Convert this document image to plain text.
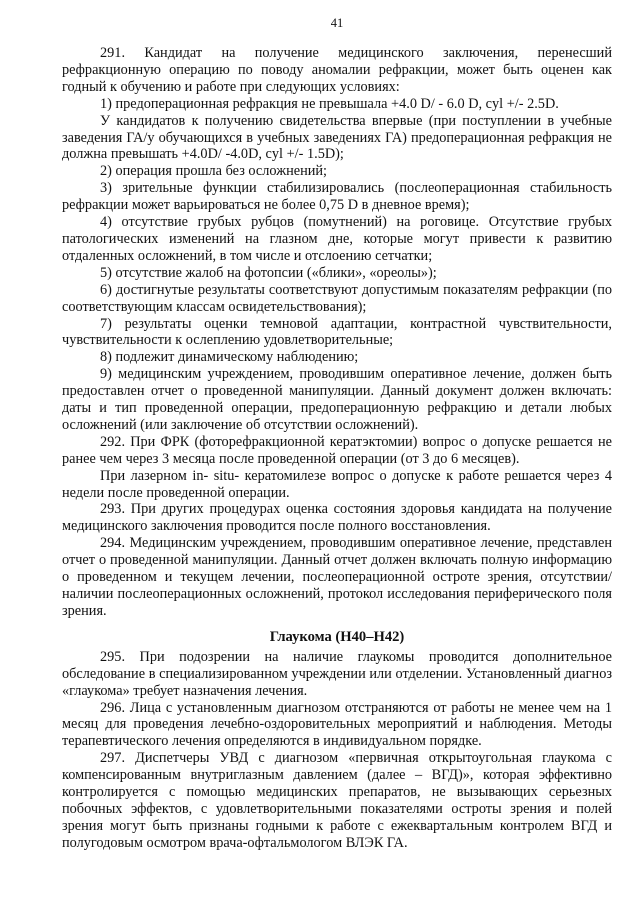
41

291. Кандидат на получение медицинского заключения, перенесший рефракционную операцию по поводу аномалии рефракции, может быть оценен как годный к обучению и работе при следующих условиях:

1) предоперационная рефракция не превышала +4.0 D/ - 6.0 D, cyl +/- 2.5D.

У кандидатов к получению свидетельства впервые (при поступлении в учебные заведения ГА/у обучающихся в учебных заведениях ГА) предоперационная рефракция не должна превышать +4.0D/ -4.0D, cyl +/- 1.5D);

2) операция прошла без осложнений;

3) зрительные функции стабилизировались (послеоперационная стабильность рефракции может варьироваться не более 0,75 D в дневное время);

4) отсутствие грубых рубцов (помутнений) на роговице. Отсутствие грубых патологических изменений на глазном дне, которые могут привести к развитию отдаленных осложнений, в том числе и отслоению сетчатки;

5) отсутствие жалоб на фотопсии («блики», «ореолы»);

6) достигнутые результаты соответствуют допустимым показателям рефракции (по соответствующим классам освидетельствования);

7) результаты оценки темновой адаптации, контрастной чувствительности, чувствительности к ослеплению удовлетворительные;

8) подлежит динамическому наблюдению;

9) медицинским учреждением, проводившим оперативное лечение, должен быть предоставлен отчет о проведенной манипуляции. Данный документ должен включать: даты и тип проведенной операции, предоперационную рефракцию и детали любых осложнений (или заключение об отсутствии осложнений).

292. При ФРК (фоторефракционной кератэктомии) вопрос о допуске решается не ранее чем через 3 месяца после проведенной операции (от 3 до 6 месяцев).

При лазерном in- situ- кератомилезе вопрос о допуске к работе решается через 4 недели после проведенной операции.

293. При других процедурах оценка состояния здоровья кандидата на получение медицинского заключения проводится после полного восстановления.

294. Медицинским учреждением, проводившим оперативное лечение, представлен отчет о проведенной манипуляции. Данный отчет должен включать полную информацию о проведенном и текущем лечении, послеоперационной остроте зрения, отсутствии/наличии послеоперационных осложнений, протокол исследования периферического поля зрения.

Глаукома (Н40–Н42)

295. При подозрении на наличие глаукомы проводится дополнительное обследование в специализированном учреждении или отделении. Установленный диагноз «глаукома» требует назначения лечения.

296. Лица с установленным диагнозом отстраняются от работы не менее чем на 1 месяц для проведения лечебно-оздоровительных мероприятий и наблюдения. Методы терапевтического лечения определяются в индивидуальном порядке.

297. Диспетчеры УВД с диагнозом «первичная открытоугольная глаукома с компенсированным внутриглазным давлением (далее – ВГД)», которая эффективно контролируется с помощью медицинских препаратов, не вызывающих серьезных побочных эффектов, с удовлетворительными показателями остроты зрения и полей зрения могут быть признаны годными к работе с ежеквартальным контролем ВГД и полугодовым осмотром врача-офтальмологом ВЛЭК ГА.
